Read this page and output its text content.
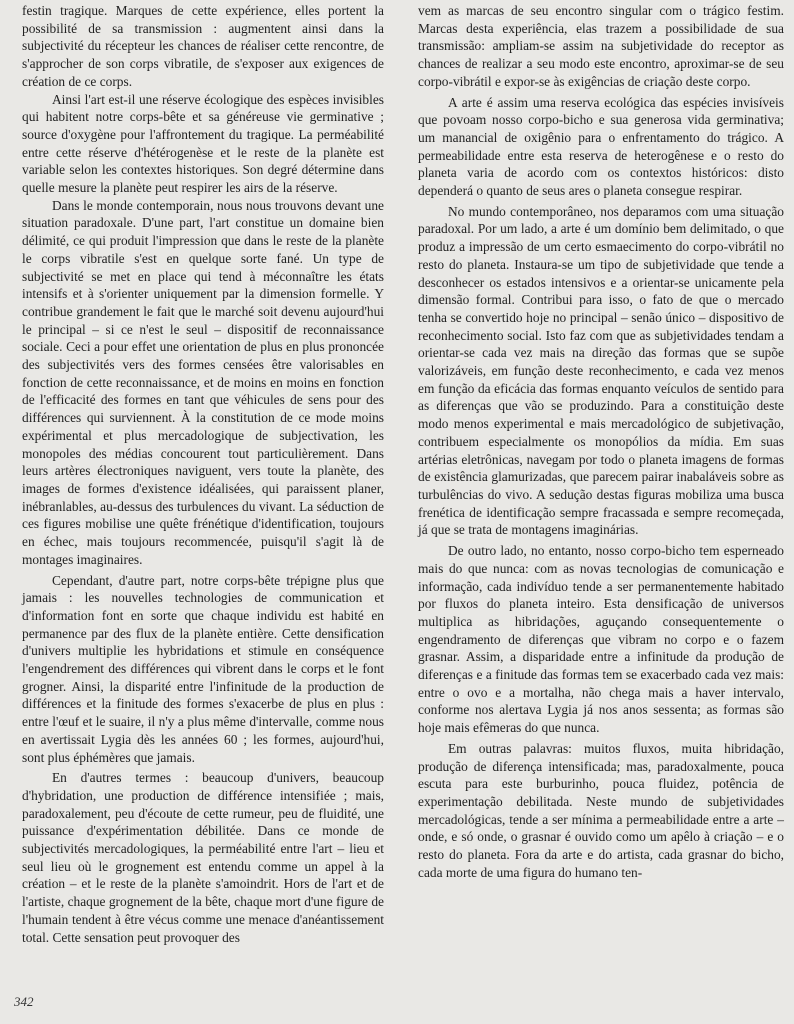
festin tragique. Marques de cette expérience, elles portent la possibilité de sa transmission : augmentent ainsi dans la subjectivité du récepteur les chances de réaliser cette rencontre, de s'approcher de son corps vibratile, de s'exposer aux exigences de création de ce corps.

Ainsi l'art est-il une réserve écologique des espèces invisibles qui habitent notre corps-bête et sa généreuse vie germinative ; source d'oxygène pour l'affrontement du tragique. La perméabilité entre cette réserve d'hétérogenèse et le reste de la planète est variable selon les contextes historiques. Son degré détermine dans quelle mesure la planète peut respirer les airs de la réserve.

Dans le monde contemporain, nous nous trouvons devant une situation paradoxale. D'une part, l'art constitue un domaine bien délimité, ce qui produit l'impression que dans le reste de la planète le corps vibratile s'est en quelque sorte fané. Un type de subjectivité se met en place qui tend à méconnaître les états intensifs et à s'orienter uniquement par la dimension formelle. Y contribue grandement le fait que le marché soit devenu aujourd'hui le principal – si ce n'est le seul – dispositif de reconnaissance sociale. Ceci a pour effet une orientation de plus en plus prononcée des subjectivités vers des formes censées être valorisables en fonction de cette reconnaissance, et de moins en moins en fonction de l'efficacité des formes en tant que véhicules de sens pour des différences qui surviennent. À la constitution de ce mode moins expérimental et plus mercadologique de subjectivation, les monopoles des médias concourent tout particulièrement. Dans leurs artères électroniques naviguent, vers toute la planète, des images de formes d'existence idéalisées, qui paraissent planer, inébranlables, au-dessus des turbulences du vivant. La séduction de ces figures mobilise une quête frénétique d'identification, toujours en échec, mais toujours recommencée, puisqu'il s'agit là de montages imaginaires.

Cependant, d'autre part, notre corps-bête trépigne plus que jamais : les nouvelles technologies de communication et d'information font en sorte que chaque individu est habité en permanence par des flux de la planète entière. Cette densification d'univers multiplie les hybridations et stimule en conséquence l'engendrement des différences qui vibrent dans le corps et le font grogner. Ainsi, la disparité entre l'infinitude de la production de différences et la finitude des formes s'exacerbe de plus en plus : entre l'œuf et le suaire, il n'y a plus même d'intervalle, comme nous en avertissait Lygia dès les années 60 ; les formes, aujourd'hui, sont plus éphémères que jamais.

En d'autres termes : beaucoup d'univers, beaucoup d'hybridation, une production de différence intensifiée ; mais, paradoxalement, peu d'écoute de cette rumeur, peu de fluidité, une puissance d'expérimentation débilitée. Dans ce monde de subjectivités mercadologiques, la perméabilité entre l'art – lieu et seul lieu où le grognement est entendu comme un appel à la création – et le reste de la planète s'amoindrit. Hors de l'art et de l'artiste, chaque grognement de la bête, chaque mort d'une figure de l'humain tendent à être vécus comme une menace d'anéantissement total. Cette sensation peut provoquer des

vem as marcas de seu encontro singular com o trágico festim. Marcas desta experiência, elas trazem a possibilidade de sua transmissão: ampliam-se assim na subjetividade do receptor as chances de realizar a seu modo este encontro, aproximar-se de seu corpo-vibrátil e expor-se às exigências de criação deste corpo.

A arte é assim uma reserva ecológica das espécies invisíveis que povoam nosso corpo-bicho e sua generosa vida germinativa; um manancial de oxigênio para o enfrentamento do trágico. A permeabilidade entre esta reserva de heterogênese e o resto do planeta varia de acordo com os contextos históricos: disto dependerá o quanto de seus ares o planeta consegue respirar.

No mundo contemporâneo, nos deparamos com uma situação paradoxal. Por um lado, a arte é um domínio bem delimitado, o que produz a impressão de um certo esmaecimento do corpo-vibrátil no resto do planeta. Instaura-se um tipo de subjetividade que tende a desconhecer os estados intensivos e a orientar-se unicamente pela dimensão formal. Contribui para isso, o fato de que o mercado tenha se convertido hoje no principal – senão único – dispositivo de reconhecimento social. Isto faz com que as subjetividades tendam a orientar-se cada vez mais na direção das formas que se supõe valorizáveis, em função deste reconhecimento, e cada vez menos em função da eficácia das formas enquanto veículos de sentido para as diferenças que vão se produzindo. Para a constituição deste modo menos experimental e mais mercadológico de subjetivação, contribuem especialmente os monopólios da mídia. Em suas artérias eletrônicas, navegam por todo o planeta imagens de formas de existência glamurizadas, que parecem pairar inabaláveis sobre as turbulências do vivo. A sedução destas figuras mobiliza uma busca frenética de identificação sempre fracassada e sempre recomeçada, já que se trata de montagens imaginárias.

De outro lado, no entanto, nosso corpo-bicho tem esperneado mais do que nunca: com as novas tecnologias de comunicação e informação, cada indivíduo tende a ser permanentemente habitado por fluxos do planeta inteiro. Esta densificação de universos multiplica as hibridações, aguçando consequentemente o engendramento de diferenças que vibram no corpo e o fazem grasnar. Assim, a disparidade entre a infinitude da produção de diferenças e a finitude das formas tem se exacerbado cada vez mais: entre o ovo e a mortalha, não chega mais a haver intervalo, conforme nos alertava Lygia já nos anos sessenta; as formas são hoje mais efêmeras do que nunca.

Em outras palavras: muitos fluxos, muita hibridação, produção de diferença intensificada; mas, paradoxalmente, pouca escuta para este burburinho, pouca fluidez, potência de experimentação debilitada. Neste mundo de subjetividades mercadológicas, tende a ser mínima a permeabilidade entre a arte – onde, e só onde, o grasnar é ouvido como um apêlo à criação – e o resto do planeta. Fora da arte e do artista, cada grasnar do bicho, cada morte de uma figura do humano ten-

342
